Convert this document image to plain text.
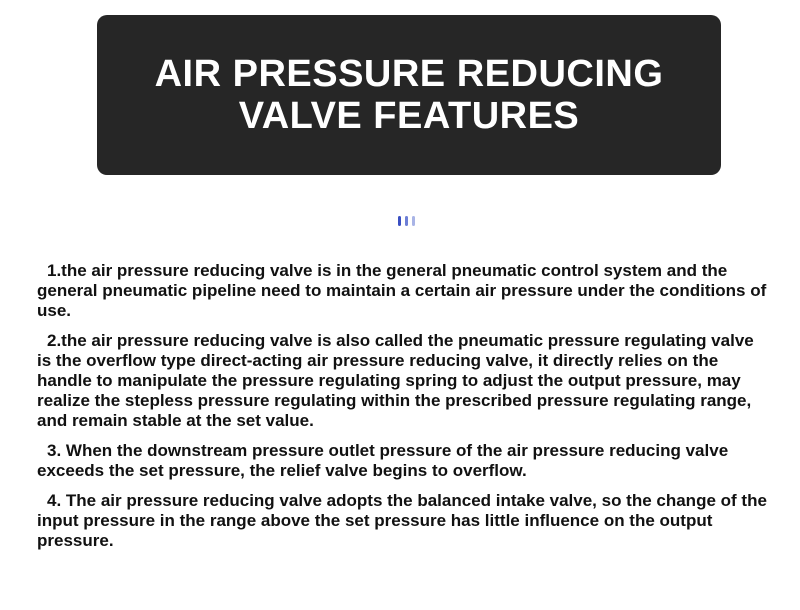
AIR PRESSURE REDUCING
VALVE FEATURES

1.the air pressure reducing valve is in the general pneumatic control system and the general pneumatic pipeline need to maintain a certain air pressure under the conditions of use.

2.the air pressure reducing valve is also called the pneumatic pressure regulating valve is the overflow type direct-acting air pressure reducing valve, it directly relies on the handle to manipulate the pressure regulating spring to adjust the output pressure, may realize the stepless pressure regulating within the prescribed pressure regulating range, and remain stable at the set value.

3. When the downstream pressure outlet pressure of the air pressure reducing valve exceeds the set pressure, the relief valve begins to overflow.

4. The air pressure reducing valve adopts the balanced intake valve, so the change of the input pressure in the range above the set pressure has little influence on the output pressure.
